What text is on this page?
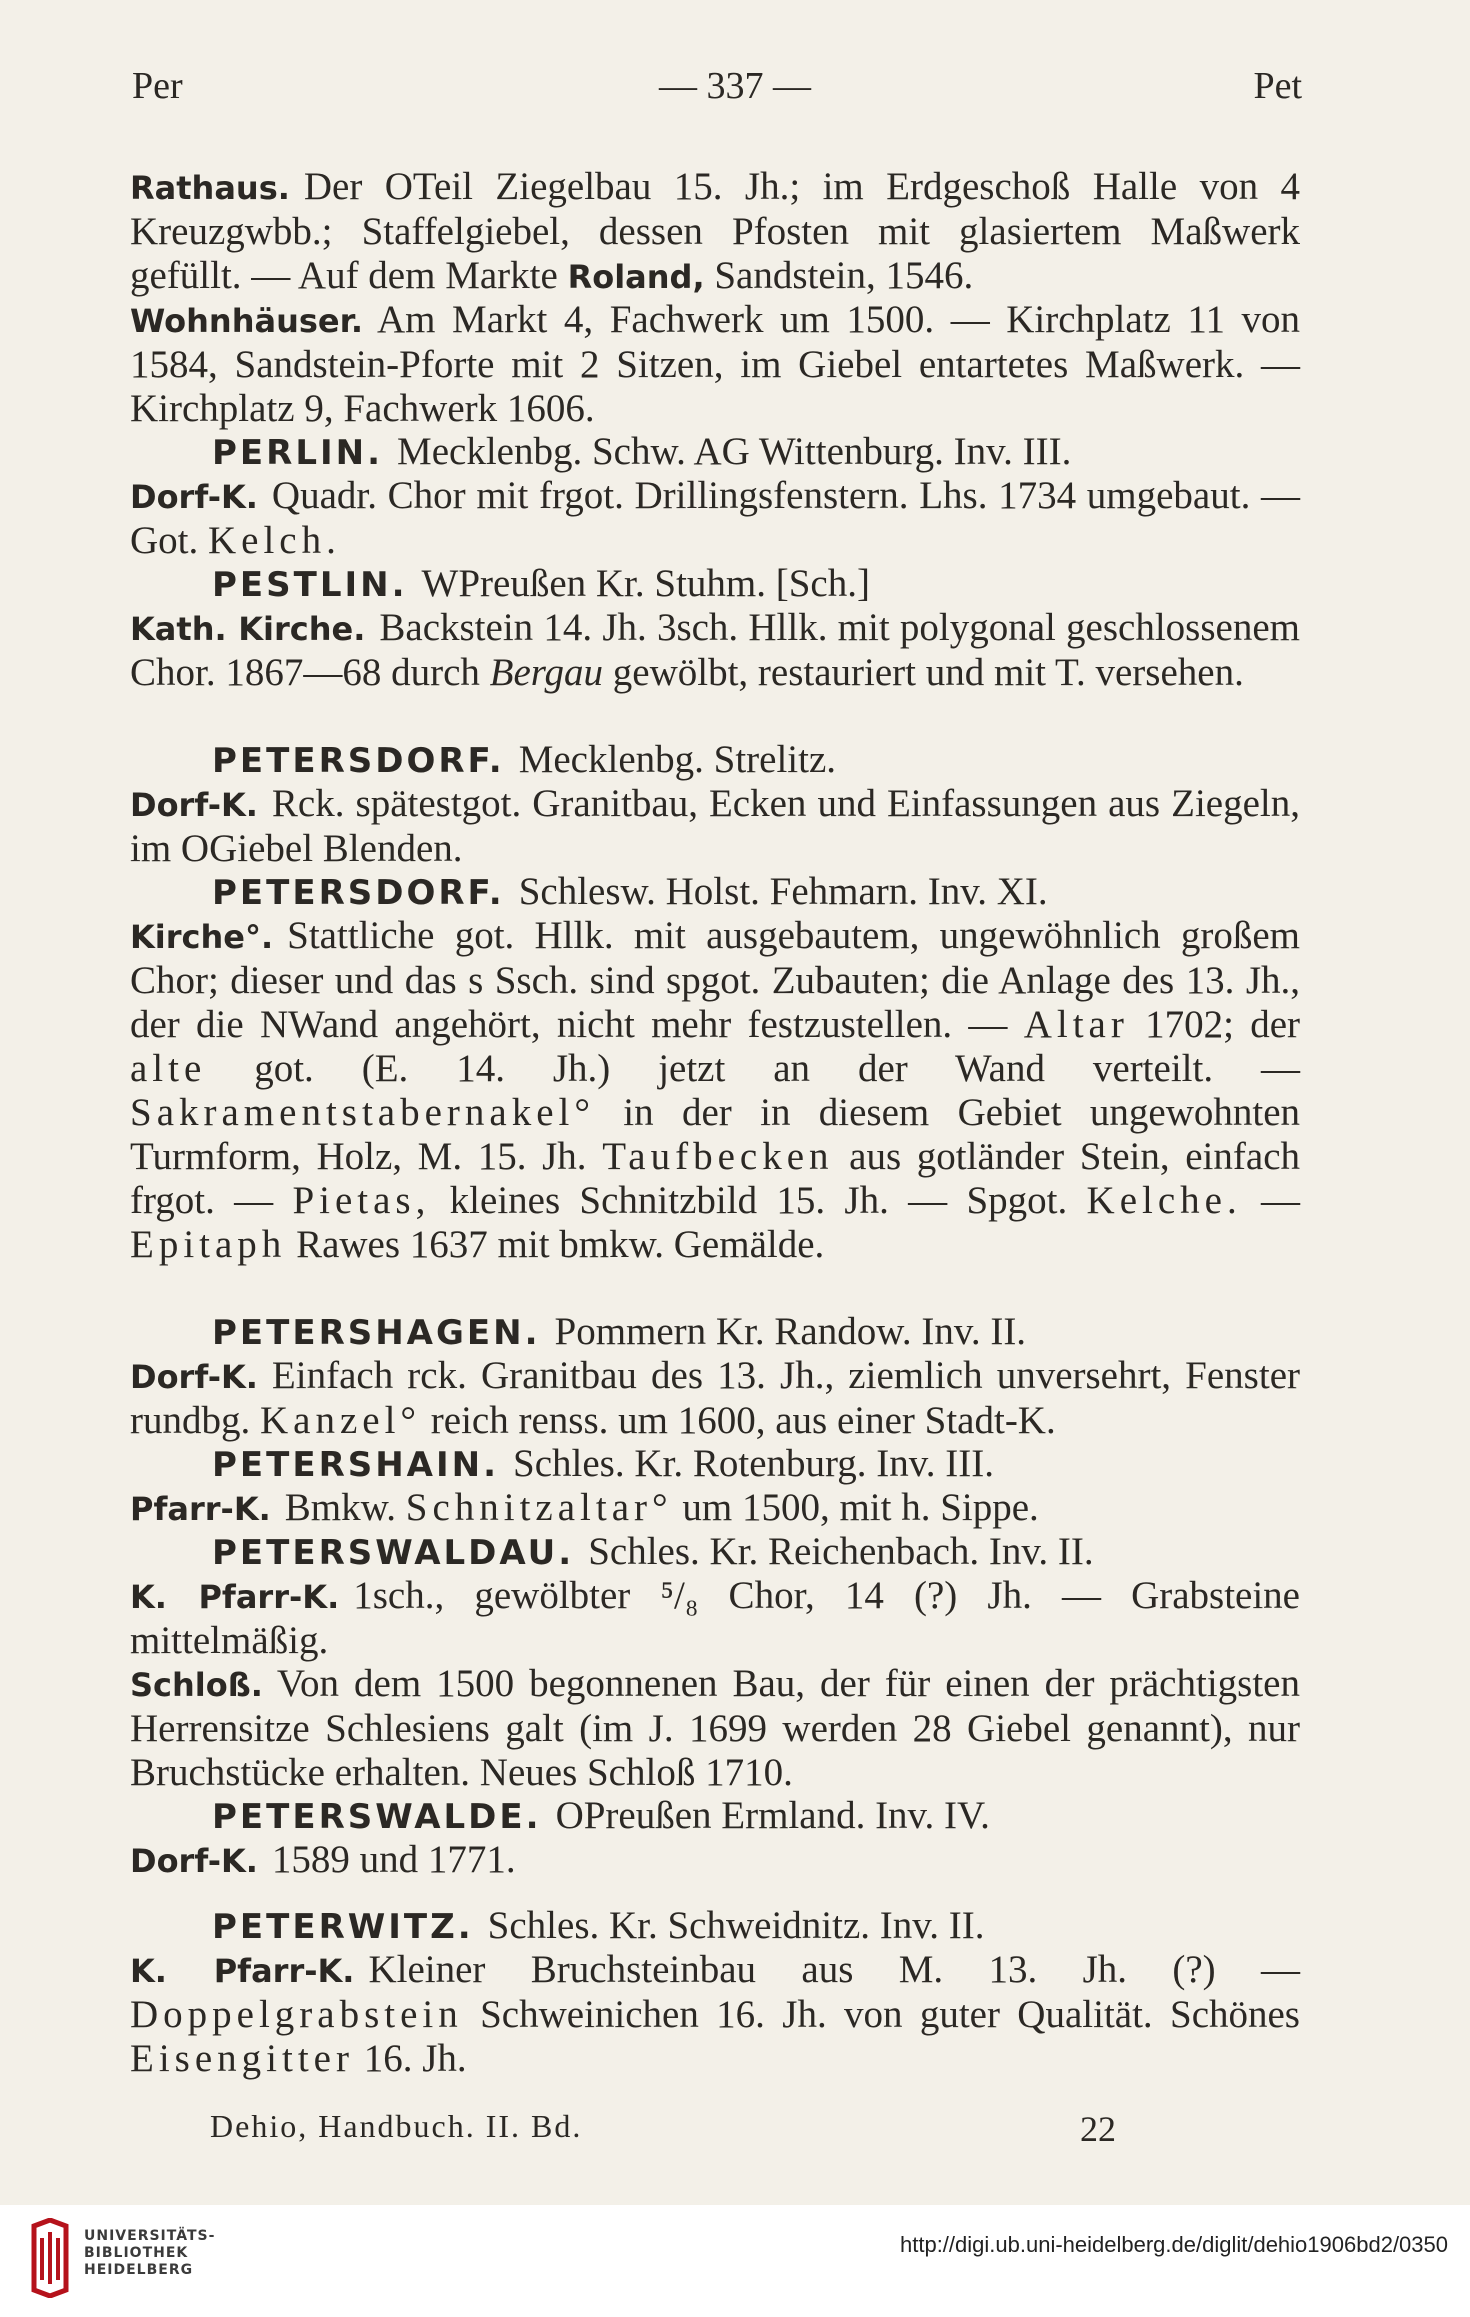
Per	— 337 —	Pet
Rathaus. Der OTeil Ziegelbau 15. Jh.; im Erdgeschoß Halle von 4 Kreuzgwbb.; Staffelgiebel, dessen Pfosten mit glasiertem Maßwerk gefüllt. — Auf dem Markte Roland, Sandstein, 1546.
Wohnhäuser. Am Markt 4, Fachwerk um 1500. — Kirchplatz 11 von 1584, Sandstein-Pforte mit 2 Sitzen, im Giebel entartetes Maßwerk. — Kirchplatz 9, Fachwerk 1606.
PERLIN. Mecklenbg. Schw. AG Wittenburg. Inv. III.
Dorf-K. Quadr. Chor mit frgot. Drillingsfenstern. Lhs. 1734 umgebaut. — Got. Kelch.
PESTLIN. WPreußen Kr. Stuhm. [Sch.]
Kath. Kirche. Backstein 14. Jh. 3sch. Hllk. mit polygonal geschlossenem Chor. 1867—68 durch Bergau gewölbt, restauriert und mit T. versehen.
PETERSDORF. Mecklenbg. Strelitz.
Dorf-K. Rck. spätestgot. Granitbau, Ecken und Einfassungen aus Ziegeln, im OGiebel Blenden.
PETERSDORF. Schlesw. Holst. Fehmarn. Inv. XI.
Kirche°. Stattliche got. Hllk. mit ausgebautem, ungewöhnlich großem Chor; dieser und das s Ssch. sind spgot. Zubauten; die Anlage des 13. Jh., der die NWand angehört, nicht mehr festzustellen. — Altar 1702; der alte got. (E. 14. Jh.) jetzt an der Wand verteilt. — Sakramentstabernakel° in der in diesem Gebiet ungewohnten Turmform, Holz, M. 15. Jh. Taufbecken aus gotländer Stein, einfach frgot. — Pietas, kleines Schnitzbild 15. Jh. — Spgot. Kelche. — Epitaph Rawes 1637 mit bmkw. Gemälde.
PETERSHAGEN. Pommern Kr. Randow. Inv. II.
Dorf-K. Einfach rck. Granitbau des 13. Jh., ziemlich unversehrt, Fenster rundbg. Kanzel° reich renss. um 1600, aus einer Stadt-K.
PETERSHAIN. Schles. Kr. Rotenburg. Inv. III.
Pfarr-K. Bmkw. Schnitzaltar° um 1500, mit h. Sippe.
PETERSWALDAU. Schles. Kr. Reichenbach. Inv. II.
K. Pfarr-K. 1sch., gewölbter ⁵/₈ Chor, 14 (?) Jh. — Grabsteine mittelmäßig.
Schloß. Von dem 1500 begonnenen Bau, der für einen der prächtigsten Herrensitze Schlesiens galt (im J. 1699 werden 28 Giebel genannt), nur Bruchstücke erhalten. Neues Schloß 1710.
PETERSWALDE. OPreußen Ermland. Inv. IV.
Dorf-K. 1589 und 1771.
PETERWITZ. Schles. Kr. Schweidnitz. Inv. II.
K. Pfarr-K. Kleiner Bruchsteinbau aus M. 13. Jh. (?) — Doppelgrabstein Schweinichen 16. Jh. von guter Qualität. Schönes Eisengitter 16. Jh.
Dehio, Handbuch. II. Bd.	22
UNIVERSITÄTS-
BIBLIOTHEK
HEIDELBERG
http://digi.ub.uni-heidelberg.de/diglit/dehio1906bd2/0350
